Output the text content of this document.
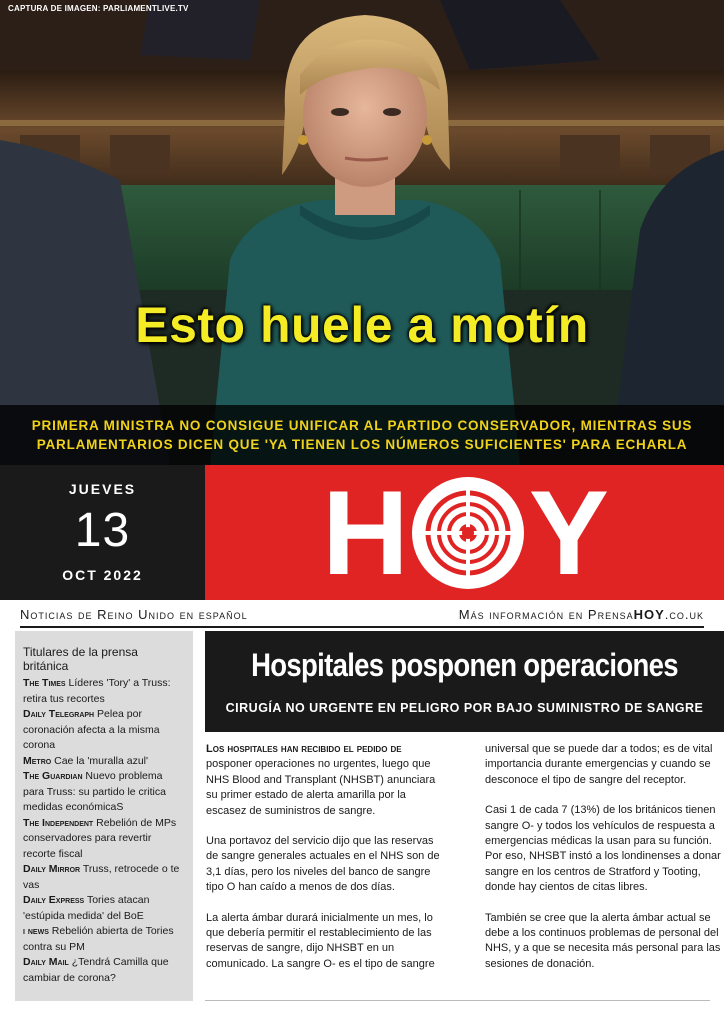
CAPTURA DE IMAGEN: PARLIAMENTLIVE.TV
Esto huele a motín
PRIMERA MINISTRA NO CONSIGUE UNIFICAR AL PARTIDO CONSERVADOR, MIENTRAS SUS
PARLAMENTARIOS DICEN QUE 'YA TIENEN LOS NÚMEROS SUFICIENTES' PARA ECHARLA
JUEVES
13
OCT 2022	H Y
Noticias de Reino Unido en español	Más información en PrensaHOY.co.uk
Titulares de la prensa británica
The Times Líderes 'Tory' a Truss: retira tus recortes
Daily Telegraph Pelea por coronación afecta a la misma corona
Metro Cae la 'muralla azul'
The Guardian Nuevo problema para Truss: su partido le critica medidas económicaS
The Independent Rebelión de MPs conservadores para revertir recorte fiscal
Daily Mirror Truss, retrocede o te vas
Daily Express Tories atacan 'estúpida medida' del BoE
i news Rebelión abierta de Tories contra su PM
Daily Mail ¿Tendrá Camilla que cambiar de corona?
Hospitales posponen operaciones
CIRUGÍA NO URGENTE EN PELIGRO POR BAJO SUMINISTRO DE SANGRE

Los hospitales han recibido el pedido de posponer operaciones no urgentes, luego que NHS Blood and Transplant (NHSBT) anunciara su primer estado de alerta amarilla por la escasez de suministros de sangre.

Una portavoz del servicio dijo que las reservas de sangre generales actuales en el NHS son de 3,1 días, pero los niveles del banco de sangre tipo O han caído a menos de dos días.

La alerta ámbar durará inicialmente un mes, lo que debería permitir el restablecimiento de las reservas de sangre, dijo NHSBT en un comunicado. La sangre O- es el tipo de sangre

universal que se puede dar a todos; es de vital importancia durante emergencias y cuando se desconoce el tipo de sangre del receptor.

Casi 1 de cada 7 (13%) de los británicos tienen sangre O- y todos los vehículos de respuesta a emergencias médicas la usan para su función. Por eso, NHSBT instó a los londinenses a donar sangre en los centros de Stratford y Tooting, donde hay cientos de citas libres.

También se cree que la alerta ámbar actual se debe a los continuos problemas de personal del NHS, y a que se necesita más personal para las sesiones de donación.
